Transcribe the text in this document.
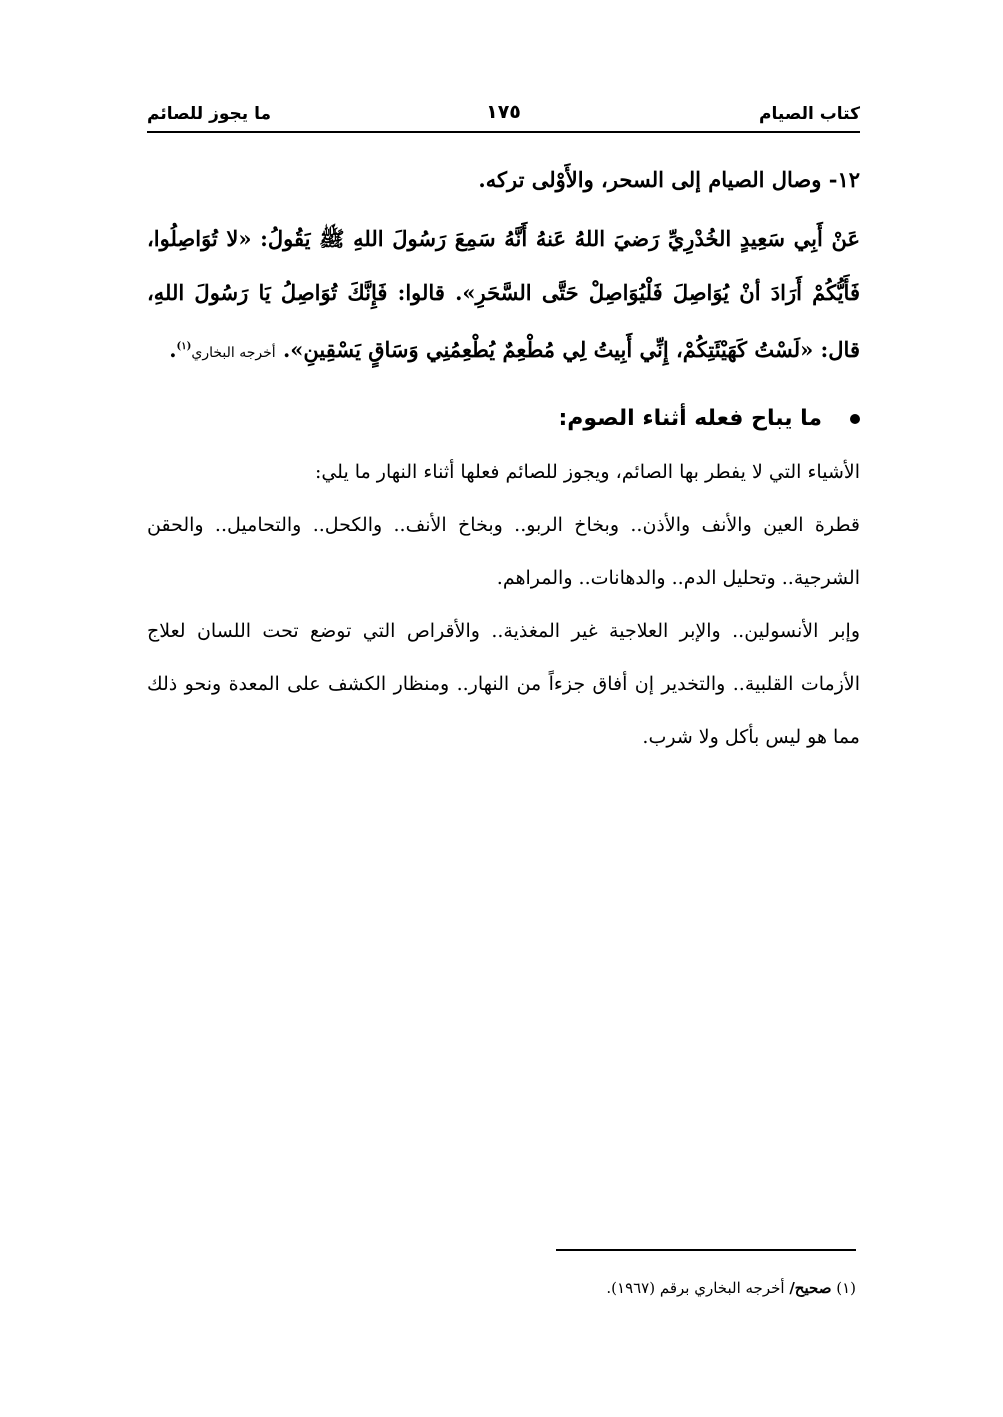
كتاب الصيام
١٧٥
ما يجوز للصائم

١٢- وصال الصيام إلى السحر، والأَوْلى تركه.

عَنْ أَبِي سَعِيدٍ الخُدْرِيِّ رَضيَ اللهُ عَنهُ أَنَّهُ سَمِعَ رَسُولَ اللهِ ﷺ يَقُولُ: «لا تُوَاصِلُوا، فَأَيُّكُمْ أَرَادَ أنْ يُوَاصِلَ فَلْيُوَاصِلْ حَتَّى السَّحَرِ». قالوا: فَإِنَّكَ تُوَاصِلُ يَا رَسُولَ اللهِ، قال: «لَسْتُ كَهَيْئَتِكُمْ، إِنِّي أَبِيتُ لِي مُطْعِمٌ يُطْعِمُنِي وَسَاقٍ يَسْقِينِ». أخرجه البخاري$^{(١)}$.

ما يباح فعله أثناء الصوم:

الأشياء التي لا يفطر بها الصائم، ويجوز للصائم فعلها أثناء النهار ما يلي:

قطرة العين والأنف والأذن.. وبخاخ الربو.. وبخاخ الأنف.. والكحل.. والتحاميل.. والحقن الشرجية.. وتحليل الدم.. والدهانات.. والمراهم.

وإبر الأنسولين.. والإبر العلاجية غير المغذية.. والأقراص التي توضع تحت اللسان لعلاج الأزمات القلبية.. والتخدير إن أفاق جزءاً من النهار.. ومنظار الكشف على المعدة ونحو ذلك مما هو ليس بأكل ولا شرب.

(١) صحيح/ أخرجه البخاري برقم (١٩٦٧).
